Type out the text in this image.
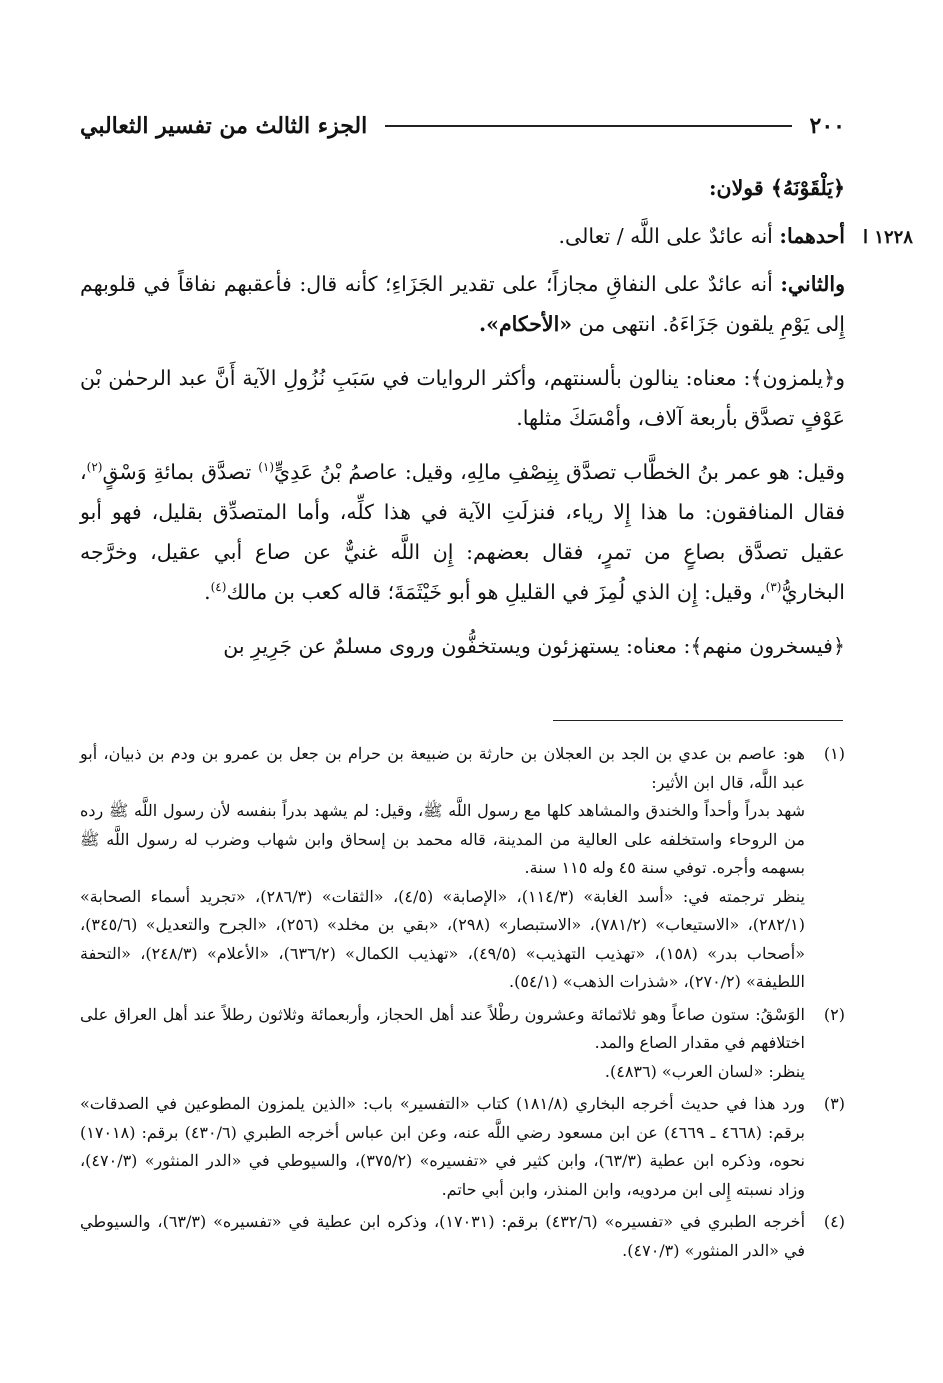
٢٠٠
الجزء الثالث من تفسير الثعالبي
١٢٢٨ ا

﴿يَلْقَوْنَهُ﴾ قولان:

أحدهما: أنه عائدٌ على اللَّه / تعالى.

والثاني: أنه عائدٌ على النفاقِ مجازاً؛ على تقدير الجَزَاءِ؛ كأنه قال: فأعقبهم نفاقاً في قلوبهم إِلى يَوْمِ يلقون جَزَاءَهُ. انتهى من «الأحكام».

و﴿يلمزون﴾: معناه: ينالون بألسنتهم، وأكثر الروايات في سَبَبِ نُزُولِ الآية أَنَّ عبد الرحمٰن بْن عَوْفٍ تصدَّق بأربعة آلاف، وأمْسَكَ مثلها.

وقيل: هو عمر بنُ الخطَّاب تصدَّق بِنِصْفِ مالِهِ، وقيل: عاصمُ بْنُ عَدِيٍّ$^{(١)}$ تصدَّق بمائةِ وَسْقٍ$^{(٢)}$، فقال المنافقون: ما هذا إِلا رياء، فنزلَتِ الآية في هذا كلِّه، وأما المتصدِّق بقليل، فهو أبو عقيل تصدَّق بصاعٍ من تمرٍ، فقال بعضهم: إِن اللَّه غنيٌّ عن صاع أبي عقيل، وخرَّجه البخاريُّ$^{(٣)}$، وقيل: إِن الذي لُمِزَ في القليلِ هو أبو خَيْثَمَةَ؛ قاله كعب بن مالك$^{(٤)}$.

﴿فيسخرون منهم﴾: معناه: يستهزئون ويستخفُّون وروى مسلمٌ عن جَرِيرِ بن

(١)

هو: عاصم بن عدي بن الجد بن العجلان بن حارثة بن ضبيعة بن حرام بن جعل بن عمرو بن ودم بن ذبيان، أبو عبد اللَّه، قال ابن الأثير:

شهد بدراً وأحداً والخندق والمشاهد كلها مع رسول اللَّه ﷺ، وقيل: لم يشهد بدراً بنفسه لأن رسول اللَّه ﷺ رده من الروحاء واستخلفه على العالية من المدينة، قاله محمد بن إسحاق وابن شهاب وضرب له رسول اللَّه ﷺ بسهمه وأجره. توفي سنة ٤٥ وله ١١٥ سنة.

ينظر ترجمته في: «أسد الغابة» (١١٤/٣)، «الإصابة» (٤/٥)، «الثقات» (٢٨٦/٣)، «تجريد أسماء الصحابة» (٢٨٢/١)، «الاستيعاب» (٧٨١/٢)، «الاستبصار» (٢٩٨)، «بقي بن مخلد» (٢٥٦)، «الجرح والتعديل» (٣٤٥/٦)، «أصحاب بدر» (١٥٨)، «تهذيب التهذيب» (٤٩/٥)، «تهذيب الكمال» (٦٣٦/٢)، «الأعلام» (٢٤٨/٣)، «التحفة اللطيفة» (٢٧٠/٢)، «شذرات الذهب» (٥٤/١).

(٢)

الوَسْقُ: ستون صاعاً وهو ثلاثمائة وعشرون رطْلاً عند أهل الحجاز، وأربعمائة وثلاثون رطلاً عند أهل العراق على اختلافهم في مقدار الصاع والمد.

ينظر: «لسان العرب» (٤٨٣٦).

(٣)

ورد هذا في حديث أخرجه البخاري (١٨١/٨) كتاب «التفسير» باب: «الذين يلمزون المطوعين في الصدقات» برقم: (٤٦٦٨ ـ ٤٦٦٩) عن ابن مسعود رضي اللَّه عنه، وعن ابن عباس أخرجه الطبري (٤٣٠/٦) برقم: (١٧٠١٨) نحوه، وذكره ابن عطية (٦٣/٣)، وابن كثير في «تفسيره» (٣٧٥/٢)، والسيوطي في «الدر المنثور» (٤٧٠/٣)، وزاد نسبته إِلى ابن مردويه، وابن المنذر، وابن أبي حاتم.

(٤)

أخرجه الطبري في «تفسيره» (٤٣٢/٦) برقم: (١٧٠٣١)، وذكره ابن عطية في «تفسيره» (٦٣/٣)، والسيوطي في «الدر المنثور» (٤٧٠/٣).
